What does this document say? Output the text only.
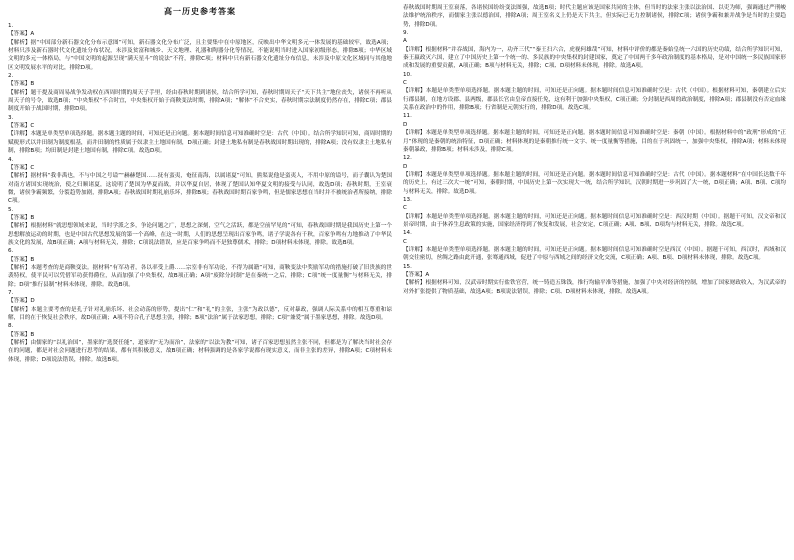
高一历史参考答案
1.
【答案】A

【解析】据“中国部分新石器文化分布示意图”可知，新石器文化分布广泛，且主要集中在中原地区，反映出中华文明多元一体发展的基础较牢，故选A项；材料只涉及新石器时代文化遗址分布状况，未涉及贫富和城乡、天文地理、礼器和陶器分化等情况，不能说明当时进入国家初级形态，排除B项；中华区域文明的多元一体格局，与“中国文明的起源呈现“满天星斗”的说法”不符，排除C项；材料中只有新石器文化遗址分布信息，未涉及中原文化区域同与其他地区文明发展水平的对比，排除D项。

2.
【答案】B

【解析】题干提及商周易战争发动权在西周时期的周天子手里，经由春秋时期到诸侯，结合所学可知，春秋时期周天子“天下共主”地位丧失，诸侯不再听从周天子的号令，故选B项；“中央集权”不合时宜，中央集权开始于商鞅变法时期，排除A项；“解体”不合史实，春秋时期宗法制度仍然存在，排除C项；郡县制度开始于战国时期，排除D项。

3.
【答案】C

【详解】本题是单类型单项选择题。据本题主题的时间，可知还是正向题。据本题时间信息可知准确时空是：古代（中国）。结合所学知识可知，商周时期的赋税形式以井田制为制度根基，而井田制的性质属于奴隶主土地国有制，D项正确；封建土地私有制是春秋战国时期出现的，排除A项；没有奴隶主土地私有制，排除B项；均田制是封建土地国有制，排除C项。故选D项。

4.
【答案】C

【解析】据材料“我非禹也，不与中国之号谥”“赫赫楚国……抚有蛮夷，奄征南海，以属诸夏”可知，熊渠说他是蛮夷人，不用中原的谥号，而子囊认为楚国对南方诸国实现统治，使之归顺诸夏，这说明了楚国为华夏而战，并以华夏自居，体现了楚国认知华夏文明的接受与认同，故选D项；春秋时期，王室衰微，诸侯争霸频繁，分裂趋势加剧，排除A项；春秋战国时期礼崩乐坏，排除B项；春秋战国时期百家争鸣，但是儒家思想在当时并不被统治者所接纳，排除C项。

5.
【答案】B

【解析】根据材料“就思想领域来说，当时学派之多，争论问题之广，思想之深刻，空气之活跃，都是空前罕见的”可知，春秋战国时期是我国历史上第一个思想解放运动的时期，也是中国古代思想发展的第一个高峰，在这一时期，人们的思想呈现出百家争鸣，诸子学说各有千秋，百家争鸣有力地推动了中华民族文化的发展，故B项正确；A项与材料无关，排除；C项说法错误，应是百家争鸣而不是独尊儒术，排除；D项材料未体现，排除。故选B项。

6.
【答案】B

【解析】本题考查的是商鞅变法。据材料“有军功者，各以率受上爵……宗室非有军功论，不得为属籍”可知，商鞅变法中奖励军功的措施打破了旧贵族的世袭特权，使平民可以凭借军功获得爵位，从而加强了中央集权，故B项正确；A项“废除分封制”是在秦统一之后，排除；C项“统一度量衡”与材料无关，排除；D项“推行县制”材料未体现，排除。故选B项。

7.
【答案】D

【解析】本题主要考查的是孔子针对礼崩乐坏、社会动荡的形势，提出“仁”和“礼”的主张，主张“为政以德”，反对暴政，强调人际关系中的相互尊重和谅解，目的在于恢复社会秩序，故D项正确；A项不符合孔子思想主张，排除；B项“法治”属于法家思想，排除；C项“兼爱”属于墨家思想，排除。故选D项。

8.
【答案】B

【解析】由儒家的“以礼治国”，墨家的“选贤任能”，道家的“无为而治”，法家的“以法为教”可知，诸子百家思想虽然主张不同，但都是为了解决当时社会存在的问题，都是对社会问题进行思考的结果，都有其积极意义，故B项正确；材料强调的是各家学说都有现实意义，而非主张的差异，排除A项；C项材料未体现，排除；D项说法错误，排除。故选B项。

春秋战国时期周王室衰落，各诸侯国纷纷变法图强，故选B项；时代主题应该是国家共同的主体，但当时的法家主张以法治国、以吏为师，强调通过严刑峻法维护统治秩序，而儒家主张以德治国，排除A项；周王室名义上仍是天下共主，但实际已无力控制诸侯，排除C项；诸侯争霸和兼并战争是当时的主要趋势，排除D项。

9.
A

【详解】根据材料“并吞战国，海内为一，功齐三代”“秦王扫六合，虎视何雄哉”可知，材料中评价的都是秦始皇统一六国的历史功绩，结合所学知识可知，秦王嬴政灭六国，建立了中国历史上第一个统一的、多民族的中央集权的封建国家，奠定了中国两千多年政治制度的基本格局，是对中国统一多民族国家形成和发展的重要贡献，A项正确；B项与材料无关，排除；C项、D项材料未体现，排除。故选A项。

10.
C

【详解】本题是单类型单项选择题。据本题主题的时间，可知还是正向题。据本题时间信息可知准确时空是：古代（中国）。根据材料可知，秦朝建立后实行郡县制，在地方设郡、县两级，郡县长官由皇帝直接任免，这有利于加强中央集权，C项正确；分封制是西周的政治制度，排除A项；郡县制没有否定血缘关系在政治中的作用，排除B项；行省制是元朝实行的，排除D项。故选C项。

11.
D

【详解】本题是单类型单项选择题。据本题主题的时间，可知还是正向题。据本题时间信息可知准确时空是：秦朝（中国）。根据材料中的“政刑”形成的“正月”体现的是秦朝的统治特征，D项正确；材料体现的是秦朝推行统一文字、统一度量衡等措施，目的在于巩固统一，加强中央集权，排除A项；材料未体现秦朝暴政，排除B项；材料未涉及，排除C项。

12.
D

【详解】本题是单类型单项选择题。据本题主题的时间，可知还是正向题。据本题时间信息可知准确时空是：古代（中国）。据本题材料“在中国长达数千年的历史上，有过三次大一统”可知，秦朝时期，中国历史上第一次实现大一统，结合所学知识，汉朝时期进一步巩固了大一统，D项正确；A项、B项、C项均与材料无关，排除。故选D项。

13.
C

【详解】本题是单类型单项选择题。据本题主题的时间，可知还是正向题。据本题时间信息可知准确时空是：西汉时期（中国）。据题干可知，汉文帝和汉景帝时期，由于休养生息政策的实施，国家经济得到了恢复和发展，社会安定，C项正确；A项、B项、D项均与材料无关，排除。故选C项。

14.
C

【详解】本题是单类型单项选择题。据本题主题的时间，可知还是正向题。据本题时间信息可知准确时空是西汉（中国）。据题干可知，西汉时，西域和汉朝交往密切，丝绸之路由此开通，张骞通西域，促进了中原与西域之间的经济文化交流，C项正确；A项、B项、D项材料未体现，排除。故选C项。

15.
【答案】A

【解析】根据材料可知，汉武帝时期实行盐铁官营，统一铸造五铢钱，推行均输平准等措施，加强了中央对经济的控制，增加了国家财政收入，为汉武帝的对外扩张提供了物质基础，故选A项；B项说法错误，排除；C项、D项材料未体现，排除。故选A项。
